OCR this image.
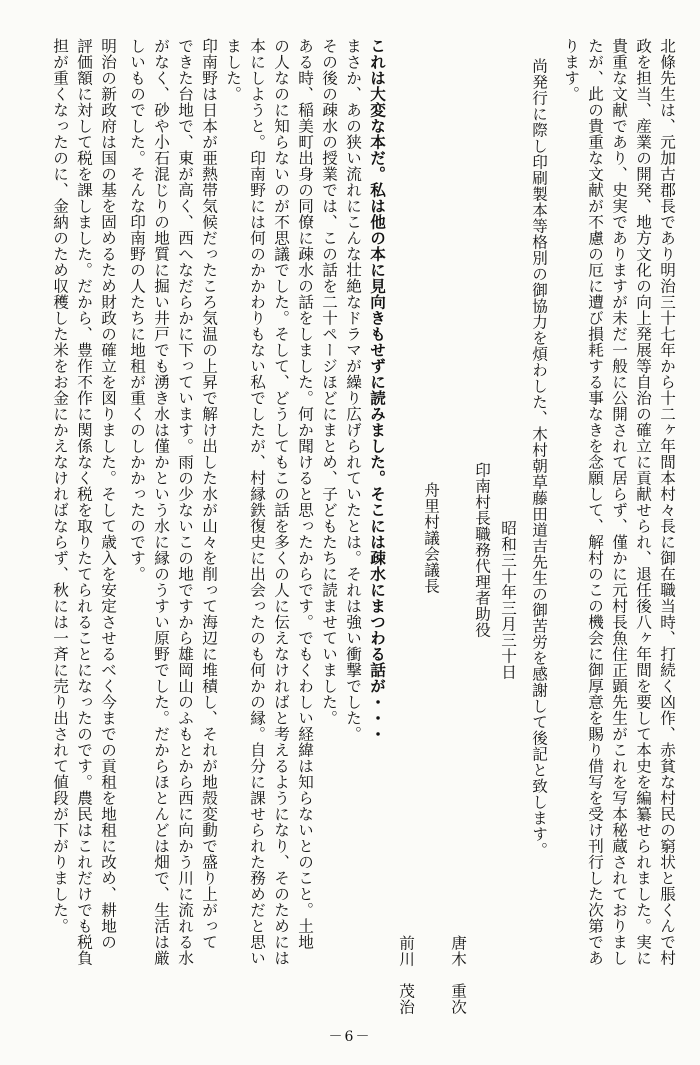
北條先生は、元加古郡長であり明治三十七年から十二ヶ年間本村々長に御在職当時、打続く凶作、赤貧な村民の窮状と脹くんで村
政を担当、産業の開発、地方文化の向上発展等自治の確立に貢献せられ、退任後八ヶ年間を要して本史を編纂せられました。実に
貴重な文献であり、史実でありますが未だ一般に公開されて居らず、僅かに元村長魚住正顕先生がこれを写本秘蔵されておりまし
たが、此の貴重な文献が不慮の厄に遭び損耗する事なきを念願して、解村のこの機会に御厚意を賜り借写を受け刊行した次第であ
ります。
尚発行に際し印刷製本等格別の御協力を煩わした、木村朝草藤田道吉先生の御苦労を感謝して後記と致します。
昭和三十年三月三十日
印南村長職務代理者助役
唐木　重次
舟里村議会議長
前川　茂治
これは大変な本だ。私は他の本に見向きもせずに読みました。そこには疎水にまつわる話が・・・
まさか、あの狭い流れにこんな壮絶なドラマが繰り広げられていたとは。それは強い衝撃でした。
その後の疎水の授業では、この話を二十ページほどにまとめ、子どもたちに読ませていました。
ある時、稲美町出身の同僚に疎水の話をしました。何か聞けると思ったからです。でもくわしい経緯は知らないとのこと。土地
の人なのに知らないのが不思議でした。そして、どうしてもこの話を多くの人に伝えなければと考えるようになり、そのためには
本にしようと。印南野には何のかかわりもない私でしたが、村縁鉄復史に出会ったのも何かの縁。自分に課せられた務めだと思い
ました。
印南野は日本が亜熱帯気候だったころ気温の上昇で解け出した水が山々を削って海辺に堆積し、それが地殻変動で盛り上がって
できた台地で、東が高く、西へなだらかに下っています。雨の少ないこの地ですから雄岡山のふもとから西に向かう川に流れる水
がなく、砂や小石混じりの地質に掘い井戸でも湧き水は僅かという水に縁のうすい原野でした。だからほとんどは畑で、生活は厳
しいものでした。そんな印南野の人たちに地租が重くのしかかったのです。
明治の新政府は国の基を固めるため財政の確立を図りました。そして歳入を安定させるべく今までの貢租を地租に改め、耕地の
評価額に対して税を課しました。だから、豊作不作に関係なく税を取りたてられることになったのです。農民はこれだけでも税負
担が重くなったのに、金納のため収穫した米をお金にかえなければならず、秋には一斉に売り出されて値段が下がりました。
－6－
